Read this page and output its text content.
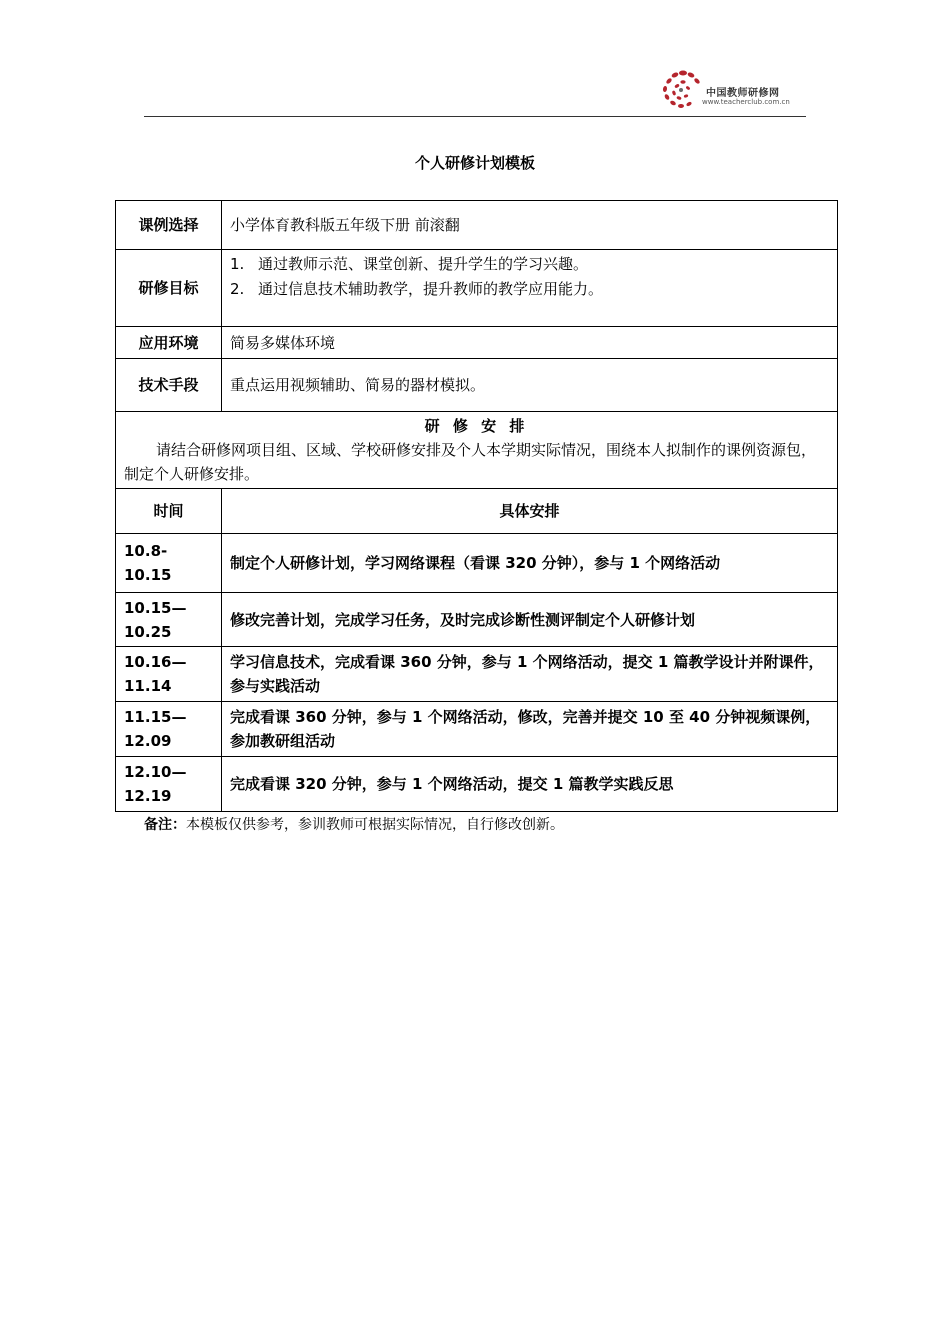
中国教师研修网
www.teacherclub.com.cn
个人研修计划模板
课例选择	小学体育教科版五年级下册 前滚翻
研修目标	1. 通过教师示范、课堂创新、提升学生的学习兴趣。
2. 通过信息技术辅助教学，提升教师的教学应用能力。

应用环境	简易多媒体环境
技术手段	重点运用视频辅助、简易的器材模拟。

研 修 安 排
请结合研修网项目组、区域、学校研修安排及个人本学期实际情况，围绕本人拟制作的课例资源包，制定个人研修安排。	

时间	具体安排
10.8-10.15	制定个人研修计划，学习网络课程（看课 320 分钟），参与 1 个网络活动
10.15—10.25	修改完善计划，完成学习任务，及时完成诊断性测评制定个人研修计划
10.16—11.14	学习信息技术，完成看课 360 分钟，参与 1 个网络活动，提交 1 篇教学设计并附课件，参与实践活动
11.15—12.09	完成看课 360 分钟，参与 1 个网络活动，修改，完善并提交 10 至 40 分钟视频课例，参加教研组活动
12.10—12.19	完成看课 320 分钟，参与 1 个网络活动，提交 1 篇教学实践反思
备注：本模板仅供参考，参训教师可根据实际情况，自行修改创新。
